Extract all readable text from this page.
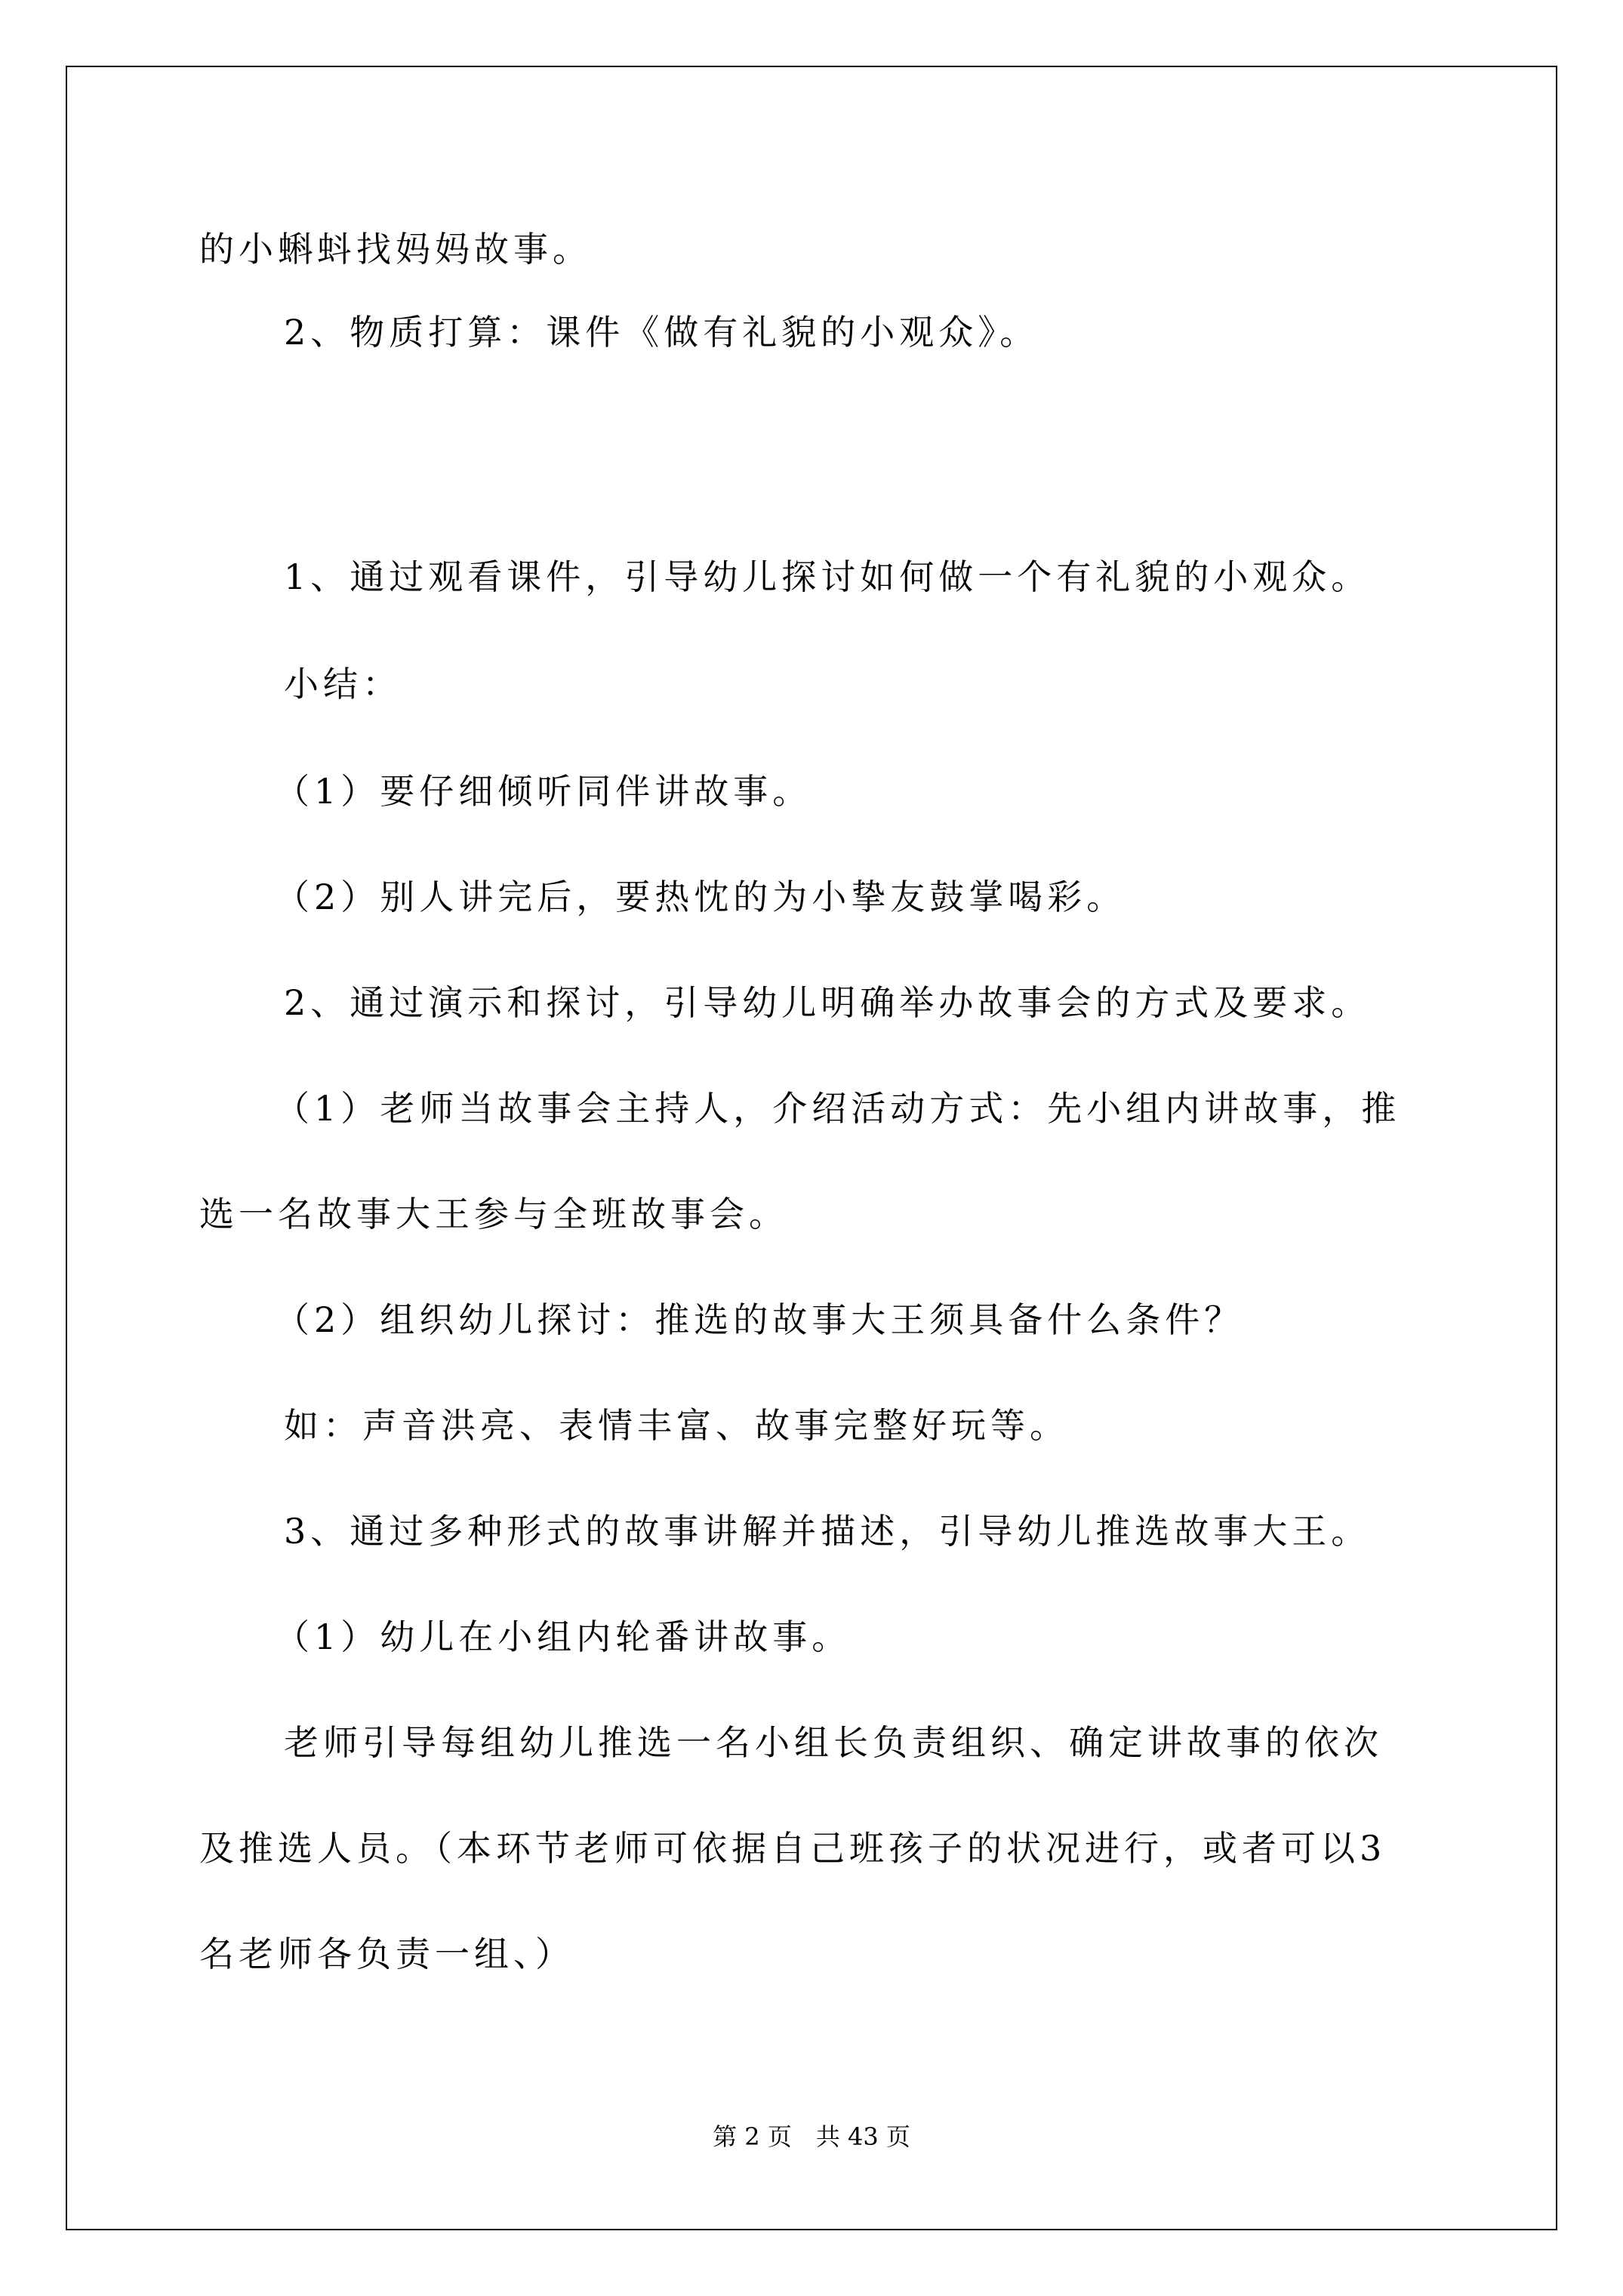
的小蝌蚪找妈妈故事。
2、物质打算：课件《做有礼貌的小观众》。
1、通过观看课件，引导幼儿探讨如何做一个有礼貌的小观众。
小结：
（1）要仔细倾听同伴讲故事。
（2）别人讲完后，要热忱的为小挚友鼓掌喝彩。
2、通过演示和探讨，引导幼儿明确举办故事会的方式及要求。
（1）老师当故事会主持人，介绍活动方式：先小组内讲故事，推
选一名故事大王参与全班故事会。
（2）组织幼儿探讨：推选的故事大王须具备什么条件？
如：声音洪亮、表情丰富、故事完整好玩等。
3、通过多种形式的故事讲解并描述，引导幼儿推选故事大王。
（1）幼儿在小组内轮番讲故事。
老师引导每组幼儿推选一名小组长负责组织、确定讲故事的依次
及推选人员。（本环节老师可依据自己班孩子的状况进行，或者可以3
名老师各负责一组、）
第 2 页　共 43 页
